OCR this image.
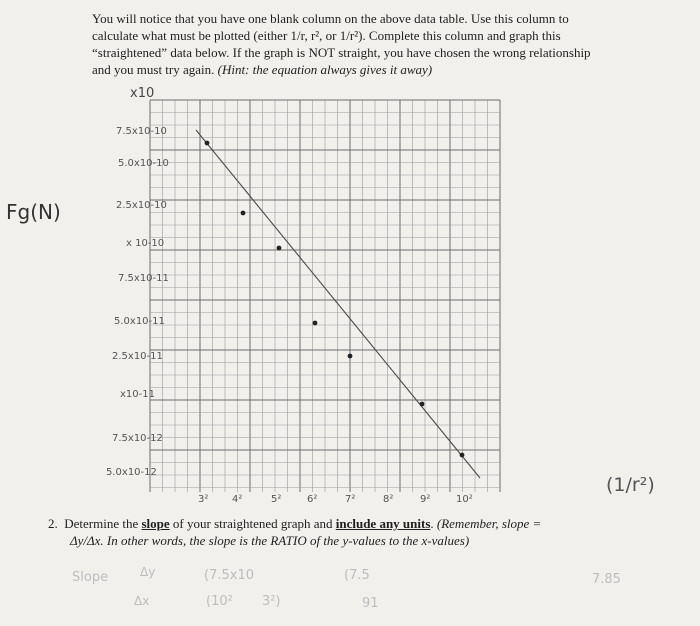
You will notice that you have one blank column on the above data table. Use this column to

calculate what must be plotted (either 1/r, r², or 1/r²). Complete this column and graph this

“straightened” data below. If the graph is NOT straight, you have chosen the wrong relationship

and you must try again. (Hint: the equation always gives it away)

Fg(N)
x10
7.5x10-10
5.0x10-10
2.5x10-10
x 10-10
7.5x10-11
5.0x10-11
2.5x10-11
x10-11
7.5x10-12
5.0x10-12
3² 4²	5²	6²	7²	8²	9²	10²
(1/r²)
2. Determine the slope of your straightened graph and include any units. (Remember, slope =
Δy/Δx. In other words, the slope is the RATIO of the y-values to the x-values)
Slope	Δy
Δx
(7.5x10
(10² 3²)
(7.5
91
7.85
